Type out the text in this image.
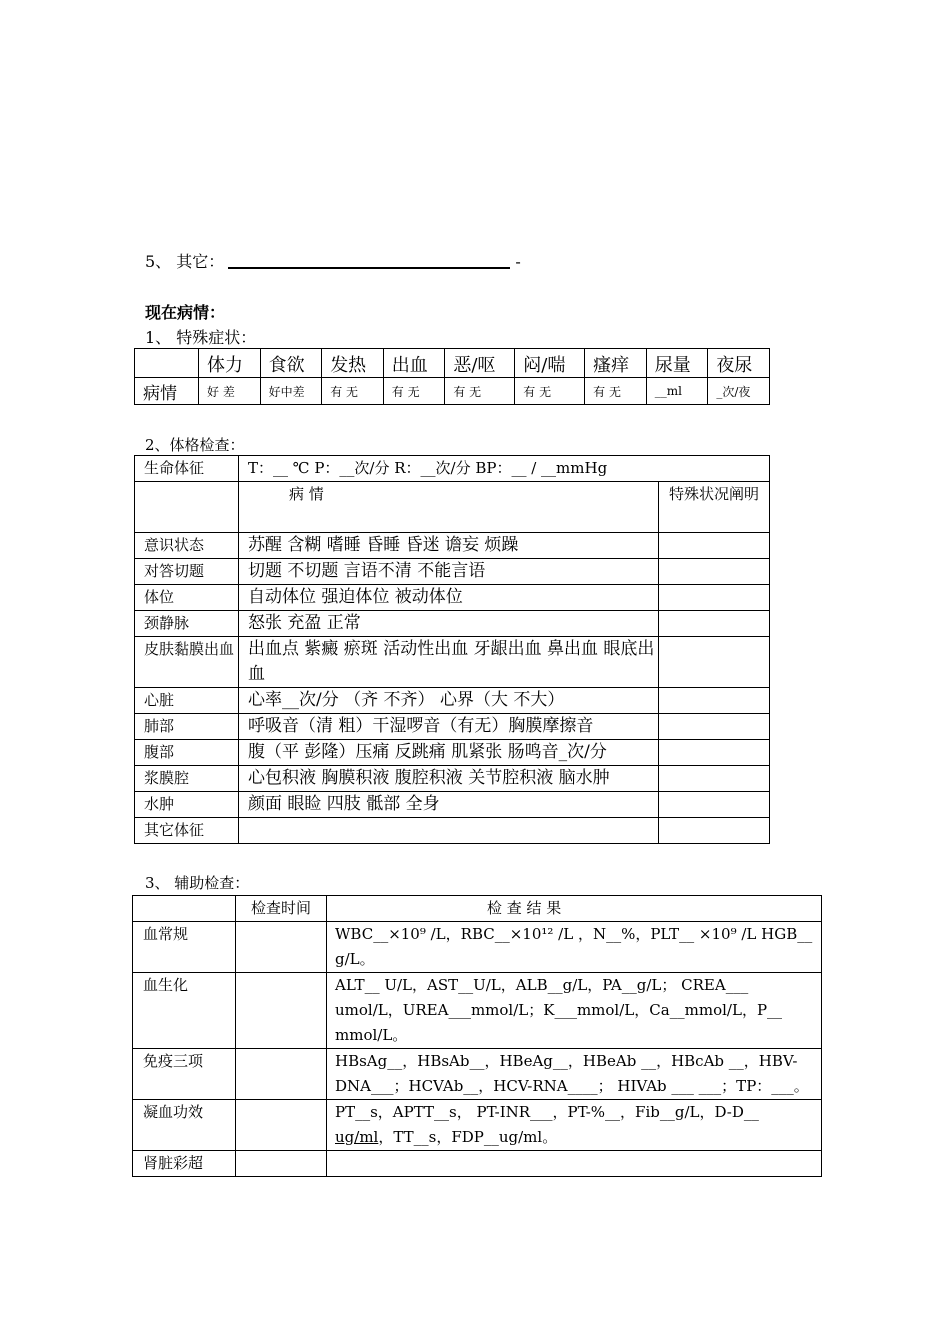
5、 其它：	-
现在病情：
1、 特殊症状：
	体力	食欲	发热	出血	恶/呕	闷/喘	瘙痒	尿量	夜尿
病情	好 差	好中差	有 无	有 无	有 无	有 无	有 无	__ml	_次/夜
2、体格检查：
生命体征	T：__ ℃ P：__次/分 R：__次/分 BP：__ / __mmHg	
	病 情	特殊状况阐明
意识状态	苏醒 含糊 嗜睡 昏睡 昏迷 谵妄 烦躁	
对答切题	切题 不切题 言语不清 不能言语	
体位	自动体位 强迫体位 被动体位	
颈静脉	怒张 充盈 正常	
皮肤黏膜出血	出血点 紫癜 瘀斑 活动性出血 牙龈出血 鼻出血 眼底出血	
心脏	心率__次/分 （齐 不齐） 心界（大 不大）	
肺部	呼吸音（清 粗）干湿啰音（有无）胸膜摩擦音	
腹部	腹（平 彭隆）压痛 反跳痛 肌紧张 肠鸣音_次/分	
浆膜腔	心包积液 胸膜积液 腹腔积液 关节腔积液 脑水肿	
水肿	颜面 眼睑 四肢 骶部 全身	
其它体征		
3、 辅助检查：
	检查时间	检 查 结 果
血常规		WBC__×10⁹ /L，RBC__×10¹² /L ，N__%，PLT__ ×10⁹ /L HGB__ g/L。
血生化		ALT__ U/L，AST__U/L，ALB__g/L，PA__g/L； CREA___ umol/L，UREA___mmol/L；K___mmol/L，Ca__mmol/L，P__ mmol/L。
免疫三项		HBsAg__，HBsAb__，HBeAg__，HBeAb __，HBcAb __，HBV-DNA___；HCVAb__，HCV-RNA____； HIVAb ___ ___；TP：___。
凝血功效		PT__s，APTT__s， PT-INR___，PT-%__，Fib__g/L，D-D__ ug/ml，TT__s，FDP__ug/ml。
肾脏彩超		
